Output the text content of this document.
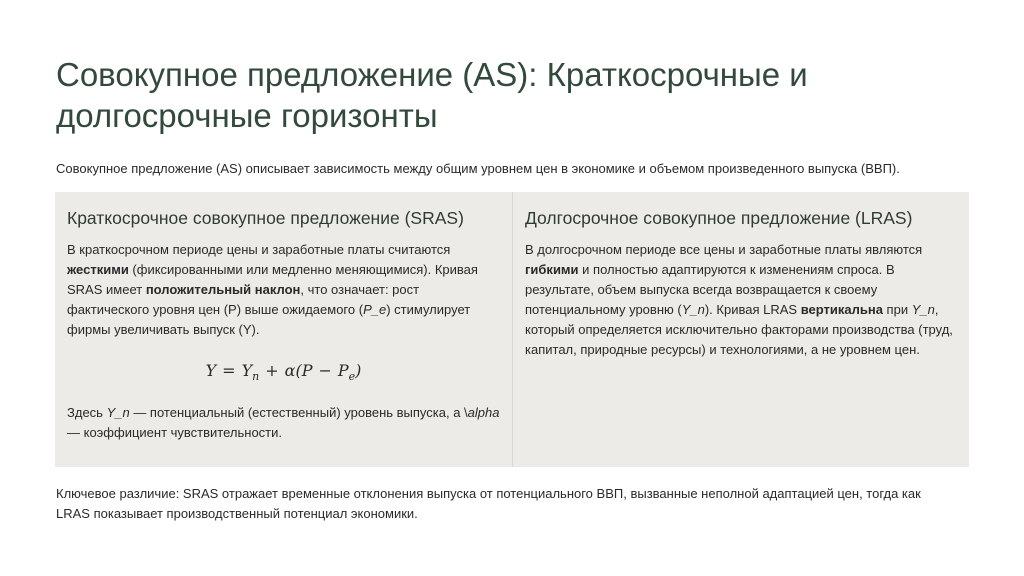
Совокупное предложение (AS): Краткосрочные и
долгосрочные горизонты
Совокупное предложение (AS) описывает зависимость между общим уровнем цен в экономике и объемом произведенного выпуска (ВВП).
Краткосрочное совокупное предложение (SRAS)

В краткосрочном периоде цены и заработные платы считаются жесткими (фиксированными или медленно меняющимися). Кривая SRAS имеет положительный наклон, что означает: рост фактического уровня цен (P) выше ожидаемого (P_e) стимулирует фирмы увеличивать выпуск (Y).

$Y = Y_n + \alpha(P - P_e)$

Здесь Y_n — потенциальный (естественный) уровень выпуска, а \alpha — коэффициент чувствительности.

Долгосрочное совокупное предложение (LRAS)

В долгосрочном периоде все цены и заработные платы являются гибкими и полностью адаптируются к изменениям спроса. В результате, объем выпуска всегда возвращается к своему потенциальному уровню (Y_n). Кривая LRAS вертикальна при Y_n, который определяется исключительно факторами производства (труд, капитал, природные ресурсы) и технологиями, а не уровнем цен.

Ключевое различие: SRAS отражает временные отклонения выпуска от потенциального ВВП, вызванные неполной адаптацией цен, тогда как LRAS показывает производственный потенциал экономики.
